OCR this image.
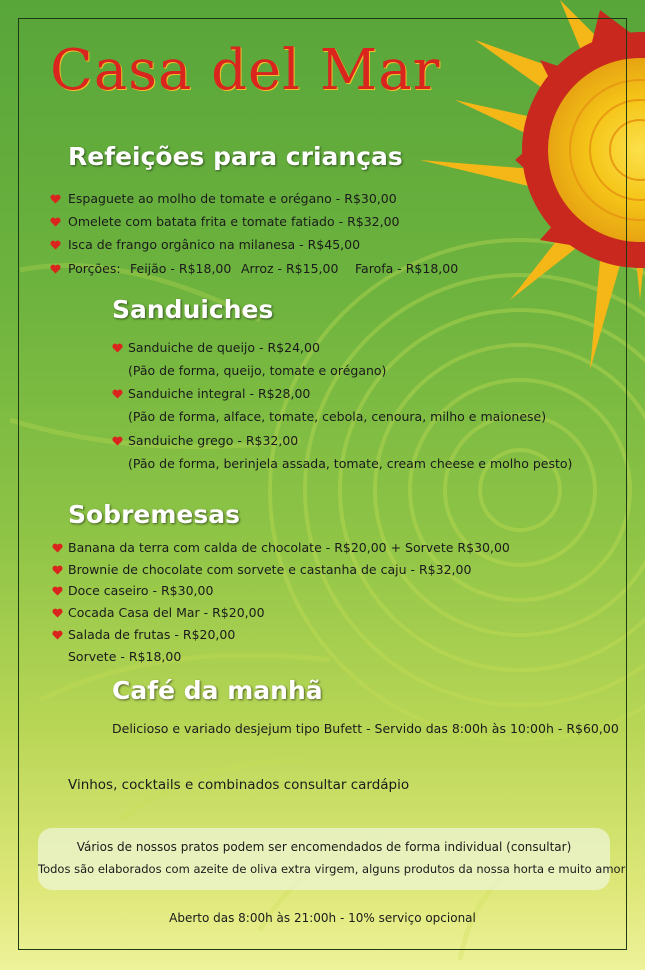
Casa del Mar
Refeições para crianças
Espaguete ao molho de tomate e orégano - R$30,00
Omelete com batata frita e tomate fatiado - R$32,00
Isca de frango orgânico na milanesa - R$45,00
Porções: Feijão - R$18,00 Arroz - R$15,00 Farofa - R$18,00
Sanduiches
Sanduiche de queijo - R$24,00
(Pão de forma, queijo, tomate e orégano)
Sanduiche integral - R$28,00
(Pão de forma, alface, tomate, cebola, cenoura, milho e maionese)
Sanduiche grego - R$32,00
(Pão de forma, berinjela assada, tomate, cream cheese e molho pesto)
Sobremesas
Banana da terra com calda de chocolate - R$20,00 + Sorvete R$30,00
Brownie de chocolate com sorvete e castanha de caju - R$32,00
Doce caseiro - R$30,00
Cocada Casa del Mar - R$20,00
Salada de frutas - R$20,00
Sorvete - R$18,00
Café da manhã
Delicioso e variado desjejum tipo Bufett - Servido das 8:00h às 10:00h - R$60,00
Vinhos, cocktails e combinados consultar cardápio
Vários de nossos pratos podem ser encomendados de forma individual (consultar)
Todos são elaborados com azeite de oliva extra virgem, alguns produtos da nossa horta e muito amor
Aberto das 8:00h às 21:00h - 10% serviço opcional
